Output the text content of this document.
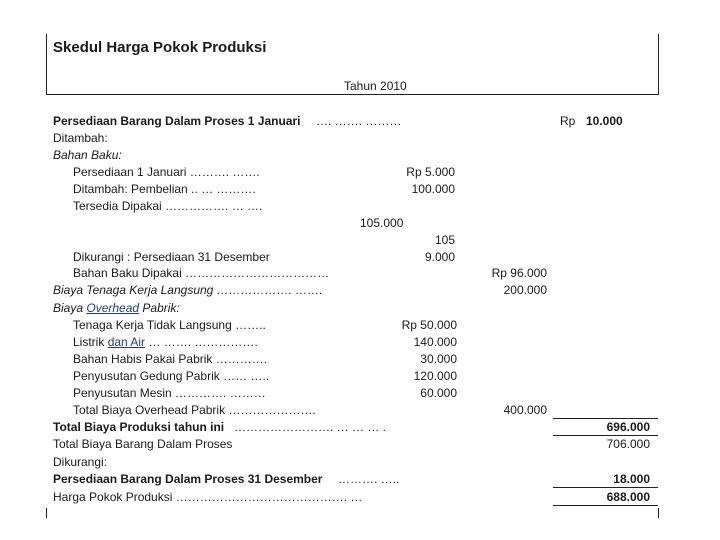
Skedul Harga Pokok Produksi
Tahun 2010
Persediaan Barang Dalam Proses 1 Januari …. ……. ………	Rp 10.000
Ditambah:
Bahan Baku:
Persediaan 1 Januari ………. …….	Rp 5.000
Ditambah: Pembelian .. … ……….	100.000
Tersedia Dipakai ……………. … ….
105.000
105
Dikurangi : Persediaan 31 Desember	9.000
Bahan Baku Dipakai ………………………………	Rp 96.000
Biaya Tenaga Kerja Langsung ………………. …….	200.000
Biaya Overhead Pabrik:
Tenaga Kerja Tidak Langsung ……..	Rp 50.000
Listrik dan Air … ……. …………….	140.000
Bahan Habis Pakai Pabrik ………….	30.000
Penyusutan Gedung Pabrik …… …..	120.000
Penyusutan Mesin …………. ………	60.000
Total Biaya Overhead Pabrik ………………….	400.000
Total Biaya Produksi tahun ini ……………………. … … … .	696.000
Total Biaya Barang Dalam Proses	706.000
Dikurangi:
Persediaan Barang Dalam Proses 31 Desember ………. …..	18.000
Harga Pokok Produksi ……………………………………. …	688.000
